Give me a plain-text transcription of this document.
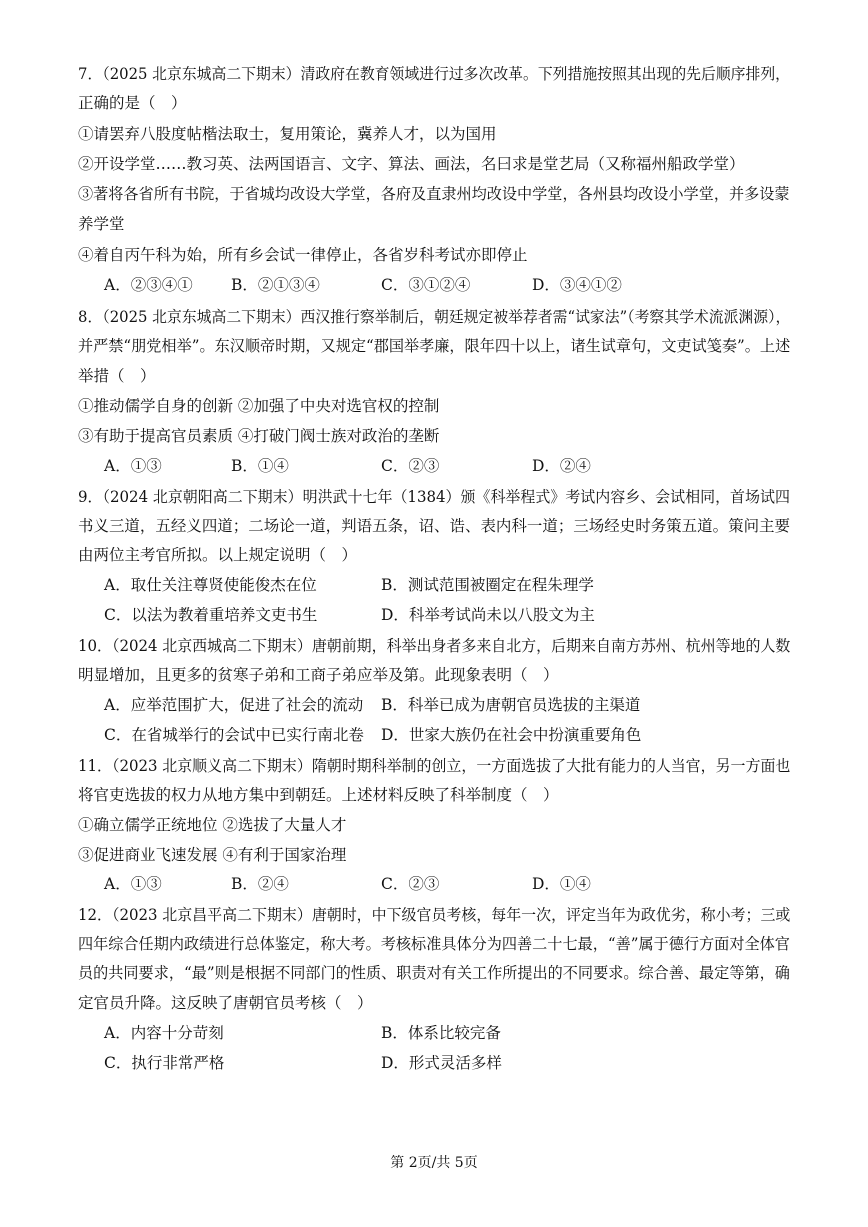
7．（2025 北京东城高二下期末）清政府在教育领域进行过多次改革。下列措施按照其出现的先后顺序排列，
正确的是（　）
①请罢弃八股度帖楷法取士，复用策论，冀养人才，以为国用
②开设学堂……教习英、法两国语言、文字、算法、画法，名曰求是堂艺局（又称福州船政学堂）
③著将各省所有书院，于省城均改设大学堂，各府及直隶州均改设中学堂，各州县均改设小学堂，并多设蒙
养学堂
④着自丙午科为始，所有乡会试一律停止，各省岁科考试亦即停止
A．②③④① B．②①③④	C．③①②④	D．③④①②
8．（2025 北京东城高二下期末）西汉推行察举制后，朝廷规定被举荐者需“试家法”（考察其学术流派渊源），
并严禁“朋党相举”。东汉顺帝时期，又规定“郡国举孝廉，限年四十以上，诸生试章句，文吏试笺奏”。上述
举措（　）
①推动儒学自身的创新 ②加强了中央对选官权的控制
③有助于提高官员素质 ④打破门阀士族对政治的垄断
A．①③	B．①④	C．②③	D．②④
9．（2024 北京朝阳高二下期末）明洪武十七年（1384）颁《科举程式》考试内容乡、会试相同，首场试四
书义三道，五经义四道；二场论一道，判语五条，诏、诰、表内科一道；三场经史时务策五道。策问主要
由两位主考官所拟。以上规定说明（　）
A．取仕关注尊贤使能俊杰在位	B．测试范围被圈定在程朱理学
C．以法为教着重培养文吏书生	D．科举考试尚未以八股文为主
10．（2024 北京西城高二下期末）唐朝前期，科举出身者多来自北方，后期来自南方苏州、杭州等地的人数
明显增加，且更多的贫寒子弟和工商子弟应举及第。此现象表明（　）
A．应举范围扩大，促进了社会的流动 B．科举已成为唐朝官员选拔的主渠道
C．在省城举行的会试中已实行南北卷 D．世家大族仍在社会中扮演重要角色
11．（2023 北京顺义高二下期末）隋朝时期科举制的创立，一方面选拔了大批有能力的人当官，另一方面也
将官吏选拔的权力从地方集中到朝廷。上述材料反映了科举制度（　）
①确立儒学正统地位 ②选拔了大量人才
③促进商业飞速发展 ④有利于国家治理
A．①③	B．②④	C．②③	D．①④
12．（2023 北京昌平高二下期末）唐朝时，中下级官员考核，每年一次，评定当年为政优劣，称小考；三或
四年综合任期内政绩进行总体鉴定，称大考。考核标准具体分为四善二十七最，“善”属于德行方面对全体官
员的共同要求，“最”则是根据不同部门的性质、职责对有关工作所提出的不同要求。综合善、最定等第，确
定官员升降。这反映了唐朝官员考核（　）
A．内容十分苛刻	B．体系比较完备
C．执行非常严格	D．形式灵活多样
第 2页/共 5页
